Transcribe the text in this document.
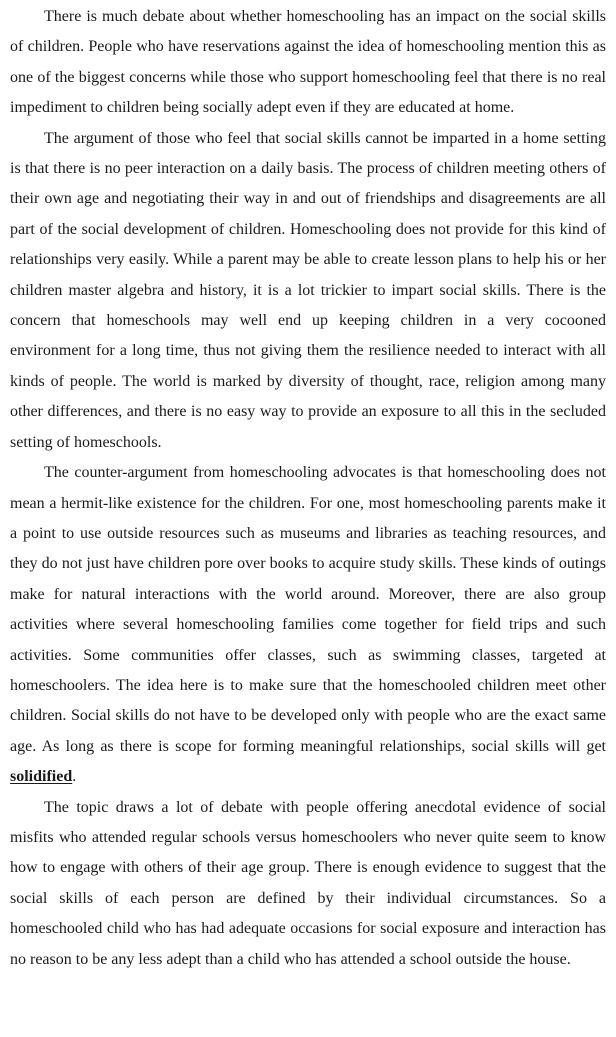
There is much debate about whether homeschooling has an impact on the social skills of children. People who have reservations against the idea of homeschooling mention this as one of the biggest concerns while those who support homeschooling feel that there is no real impediment to children being socially adept even if they are educated at home.

The argument of those who feel that social skills cannot be imparted in a home setting is that there is no peer interaction on a daily basis. The process of children meeting others of their own age and negotiating their way in and out of friendships and disagreements are all part of the social development of children. Homeschooling does not provide for this kind of relationships very easily. While a parent may be able to create lesson plans to help his or her children master algebra and history, it is a lot trickier to impart social skills. There is the concern that homeschools may well end up keeping children in a very cocooned environment for a long time, thus not giving them the resilience needed to interact with all kinds of people. The world is marked by diversity of thought, race, religion among many other differences, and there is no easy way to provide an exposure to all this in the secluded setting of homeschools.

The counter-argument from homeschooling advocates is that homeschooling does not mean a hermit-like existence for the children. For one, most homeschooling parents make it a point to use outside resources such as museums and libraries as teaching resources, and they do not just have children pore over books to acquire study skills. These kinds of outings make for natural interactions with the world around. Moreover, there are also group activities where several homeschooling families come together for field trips and such activities. Some communities offer classes, such as swimming classes, targeted at homeschoolers. The idea here is to make sure that the homeschooled children meet other children. Social skills do not have to be developed only with people who are the exact same age. As long as there is scope for forming meaningful relationships, social skills will get solidified.

The topic draws a lot of debate with people offering anecdotal evidence of social misfits who attended regular schools versus homeschoolers who never quite seem to know how to engage with others of their age group. There is enough evidence to suggest that the social skills of each person are defined by their individual circumstances. So a homeschooled child who has had adequate occasions for social exposure and interaction has no reason to be any less adept than a child who has attended a school outside the house.
